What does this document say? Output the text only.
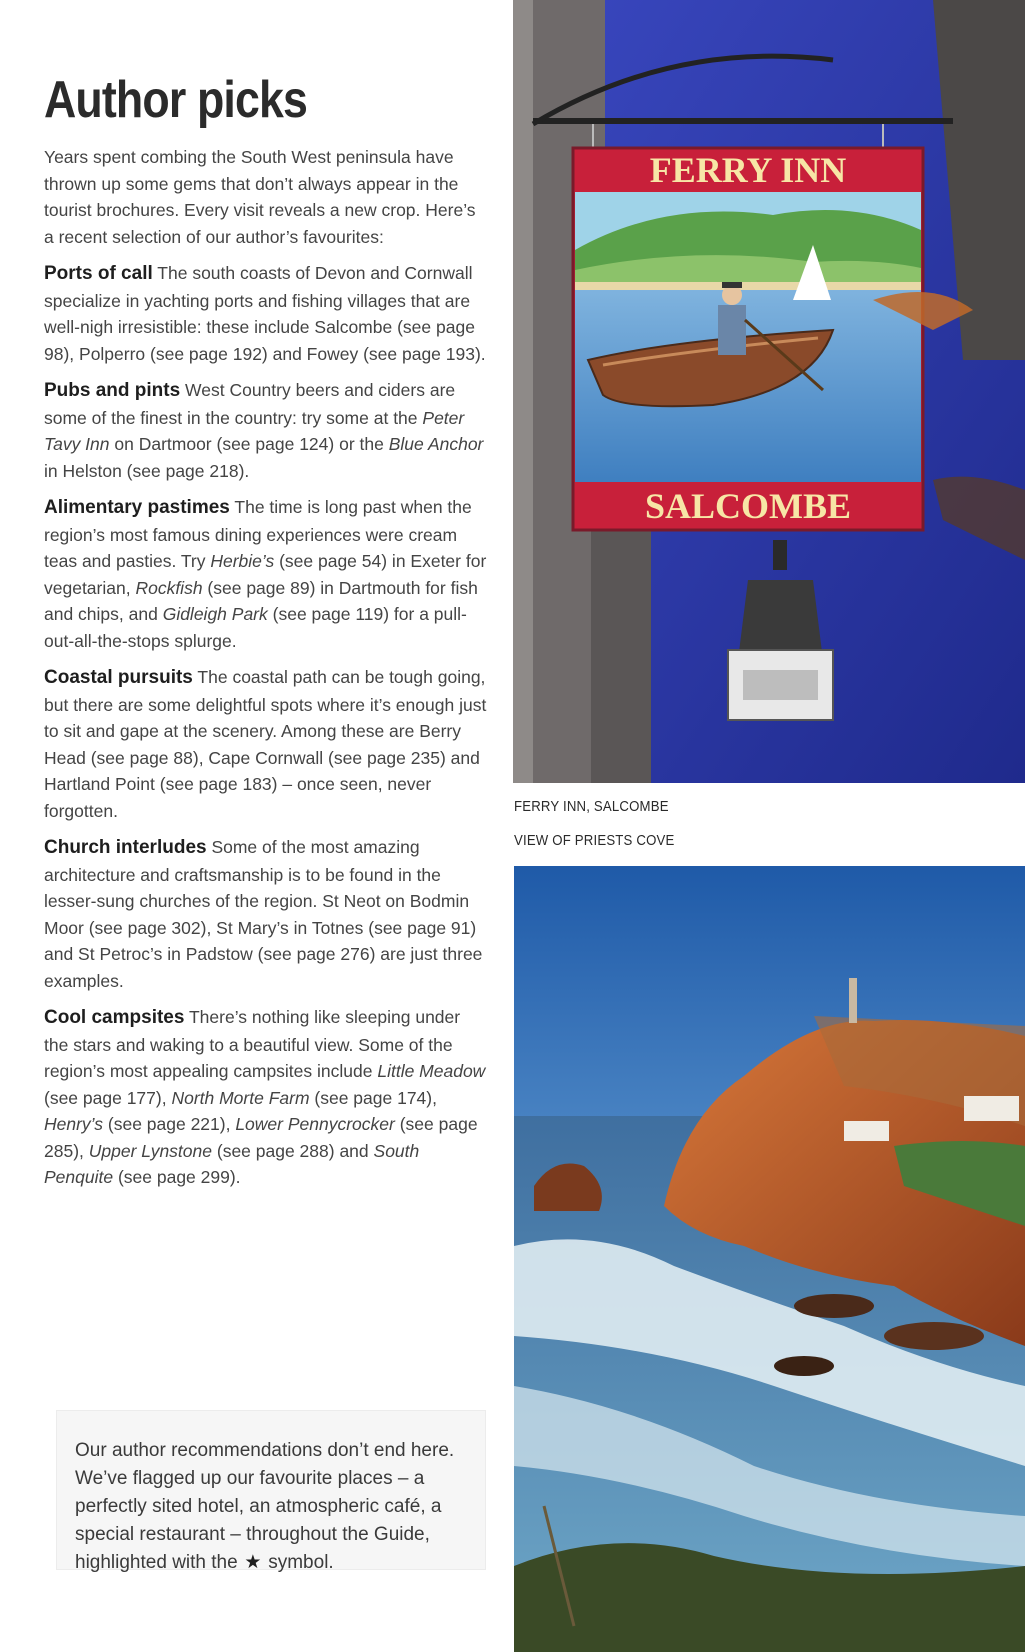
Author picks

Years spent combing the South West peninsula have thrown up some gems that don’t always appear in the tourist brochures. Every visit reveals a new crop. Here’s a recent selection of our author’s favourites:

Ports of call The south coasts of Devon and Cornwall specialize in yachting ports and fishing villages that are well-nigh irresistible: these include Salcombe (see page 98), Polperro (see page 192) and Fowey (see page 193).

Pubs and pints West Country beers and ciders are some of the finest in the country: try some at the Peter Tavy Inn on Dartmoor (see page 124) or the Blue Anchor in Helston (see page 218).

Alimentary pastimes The time is long past when the region’s most famous dining experiences were cream teas and pasties. Try Herbie’s (see page 54) in Exeter for vegetarian, Rockfish (see page 89) in Dartmouth for fish and chips, and Gidleigh Park (see page 119) for a pull-out-all-the-stops splurge.

Coastal pursuits The coastal path can be tough going, but there are some delightful spots where it’s enough just to sit and gape at the scenery. Among these are Berry Head (see page 88), Cape Cornwall (see page 235) and Hartland Point (see page 183) – once seen, never forgotten.

Church interludes Some of the most amazing architecture and craftsmanship is to be found in the lesser-sung churches of the region. St Neot on Bodmin Moor (see page 302), St Mary’s in Totnes (see page 91) and St Petroc’s in Padstow (see page 276) are just three examples.

Cool campsites There’s nothing like sleeping under the stars and waking to a beautiful view. Some of the region’s most appealing campsites include Little Meadow (see page 177), North Morte Farm (see page 174), Henry’s (see page 221), Lower Pennycrocker (see page 285), Upper Lynstone (see page 288) and South Penquite (see page 299).

Our author recommendations don’t end here. We’ve flagged up our favourite places – a perfectly sited hotel, an atmospheric café, a special restaurant – throughout the Guide, highlighted with the ★ symbol.
FERRY INN
SALCOMBE
FERRY INN, SALCOMBE
VIEW OF PRIESTS COVE
